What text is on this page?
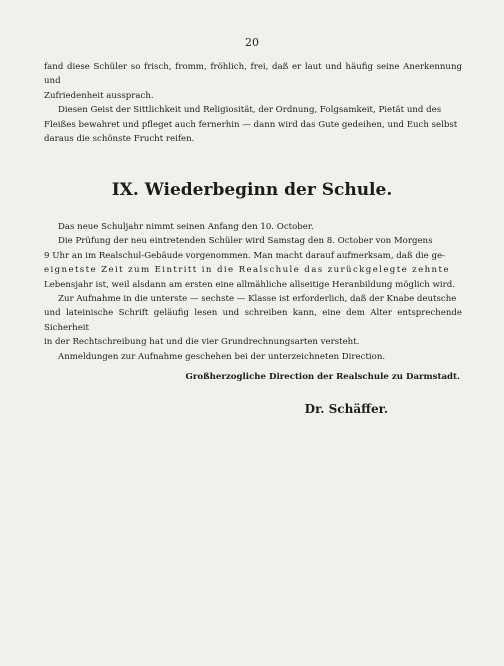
20

fand diese Schüler so frisch, fromm, fröhlich, frei, daß er laut und häufig seine Anerkennung und

Zufriedenheit aussprach.

Diesen Geist der Sittlichkeit und Religiosität, der Ordnung, Folgsamkeit, Pietät und des

Fleißes bewahret und pfleget auch fernerhin — dann wird das Gute gedeihen, und Euch selbst

daraus die schönste Frucht reifen.

IX. Wiederbeginn der Schule.

Das neue Schuljahr nimmt seinen Anfang den 10. October.

Die Prüfung der neu eintretenden Schüler wird Samstag den 8. October von Morgens

9 Uhr an im Realschul-Gebäude vorgenommen. Man macht darauf aufmerksam, daß die ge-

eignetste Zeit zum Eintritt in die Realschule das zurückgelegte zehnte

Lebensjahr ist, weil alsdann am ersten eine allmähliche allseitige Heranbildung möglich wird.

Zur Aufnahme in die unterste — sechste — Klasse ist erforderlich, daß der Knabe deutsche

und lateinische Schrift geläufig lesen und schreiben kann, eine dem Alter entsprechende Sicherheit

in der Rechtschreibung hat und die vier Grundrechnungsarten versteht.

Anmeldungen zur Aufnahme geschehen bei der unterzeichneten Direction.

Großherzogliche Direction der Realschule zu Darmstadt.
Dr. Schäffer.
